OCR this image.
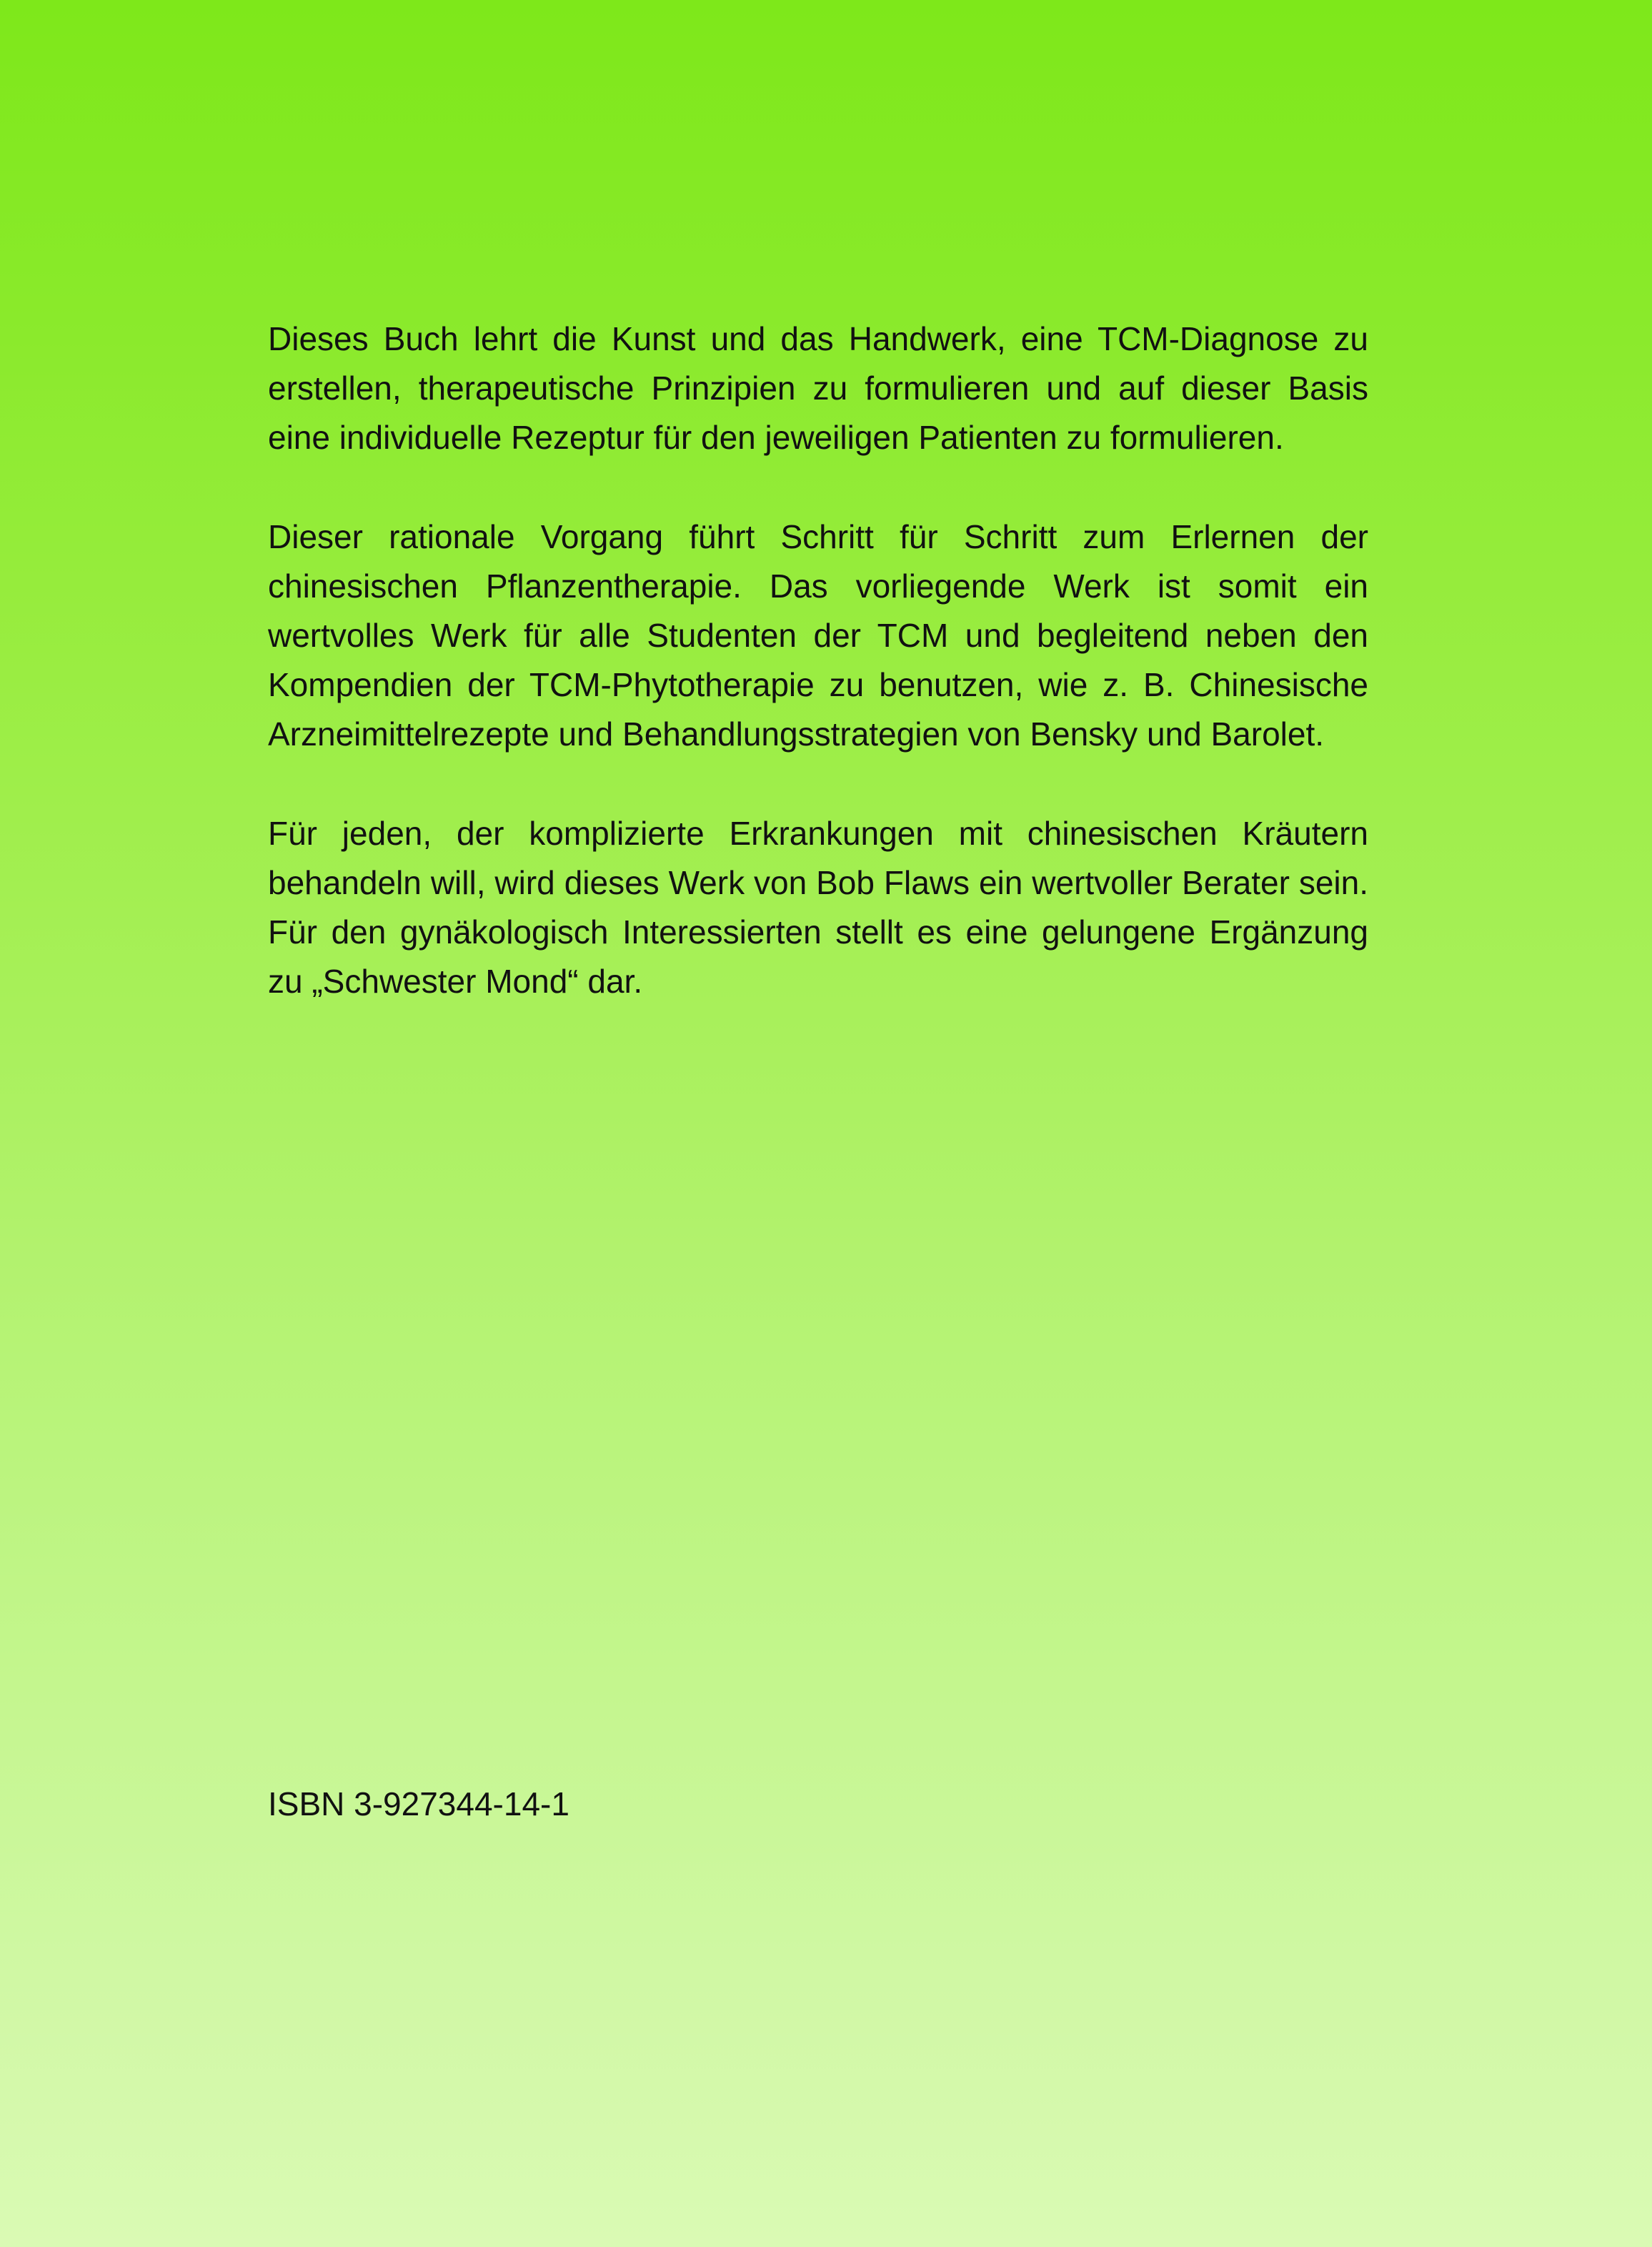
Dieses Buch lehrt die Kunst und das Handwerk, eine TCM-Diagnose zu erstellen, therapeutische Prinzipien zu formulieren und auf dieser Basis eine individuelle Rezeptur für den jeweiligen Patienten zu formulieren.

Dieser rationale Vorgang führt Schritt für Schritt zum Erlernen der chinesischen Pflanzentherapie. Das vorliegende Werk ist somit ein wertvolles Werk für alle Studenten der TCM und begleitend neben den Kompendien der TCM-Phytotherapie zu benutzen, wie z. B. Chinesische Arzneimittelrezepte und Behandlungsstrategien von Bensky und Barolet.

Für jeden, der komplizierte Erkrankungen mit chinesischen Kräutern behandeln will, wird dieses Werk von Bob Flaws ein wertvoller Berater sein. Für den gynäkologisch Interessierten stellt es eine gelungene Ergänzung zu „Schwester Mond“ dar.

ISBN 3-927344-14-1
